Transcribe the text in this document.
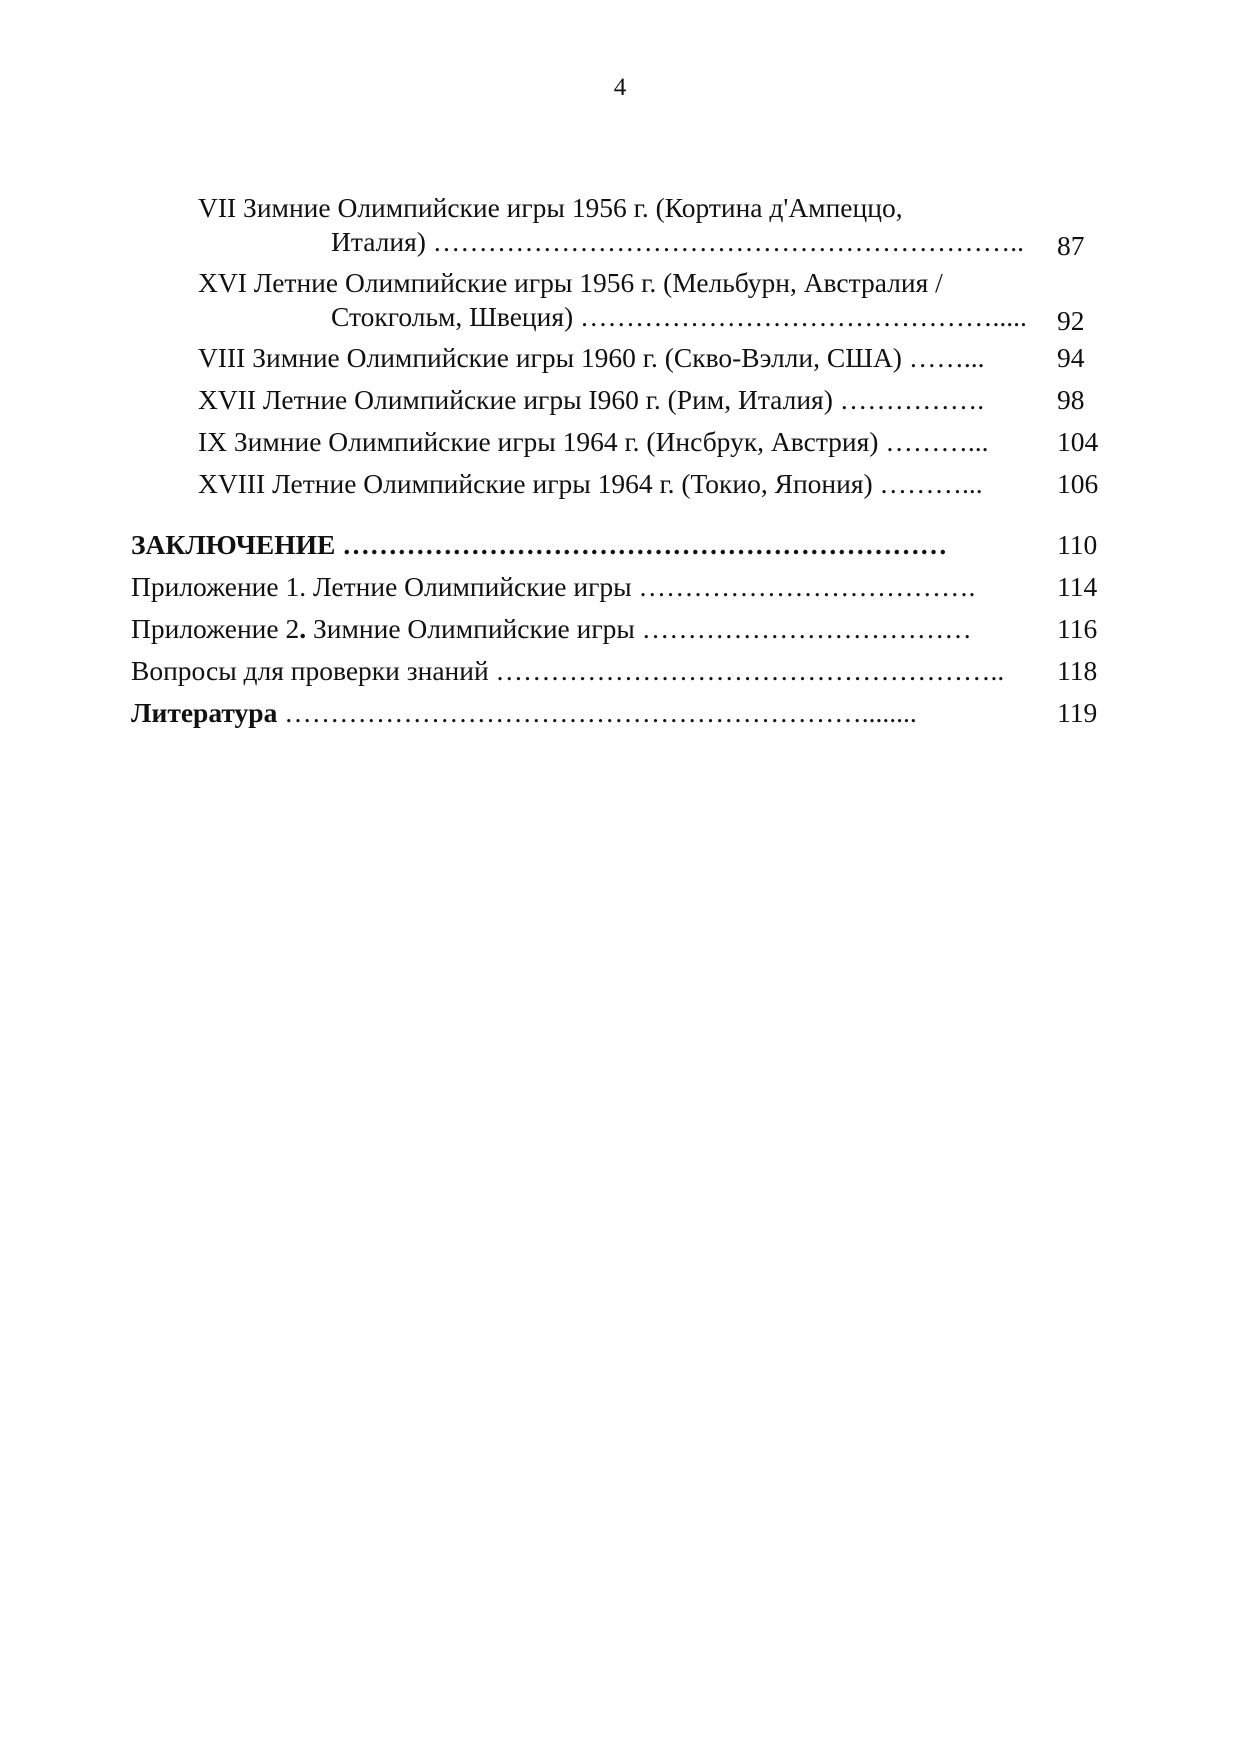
4
VII Зимние Олимпийские игры 1956 г. (Кортина д'Ампеццо,
Италия) ……………………………………………………….. 87
XVI Летние Олимпийские игры 1956 г. (Мельбурн, Австралия /
Стокгольм, Швеция) ………………………………………..... 92
VIII Зимние Олимпийские игры 1960 г. (Скво-Вэлли, США) ……...	94
XVII Летние Олимпийские игры I960 г. (Рим, Италия) …………….	98
IX Зимние Олимпийские игры 1964 г. (Инсбрук, Австрия) ………... 104
XVIII Летние Олимпийские игры 1964 г. (Токио, Япония) ………...	106
ЗАКЛЮЧЕНИЕ …………………………………………………………	110
Приложение 1. Летние Олимпийские игры ……………………………….	114
Приложение 2. Зимние Олимпийские игры ………………………………	116
Вопросы для проверки знаний ……………………………………………….. 118
Литература ………………………………………………………........	119
